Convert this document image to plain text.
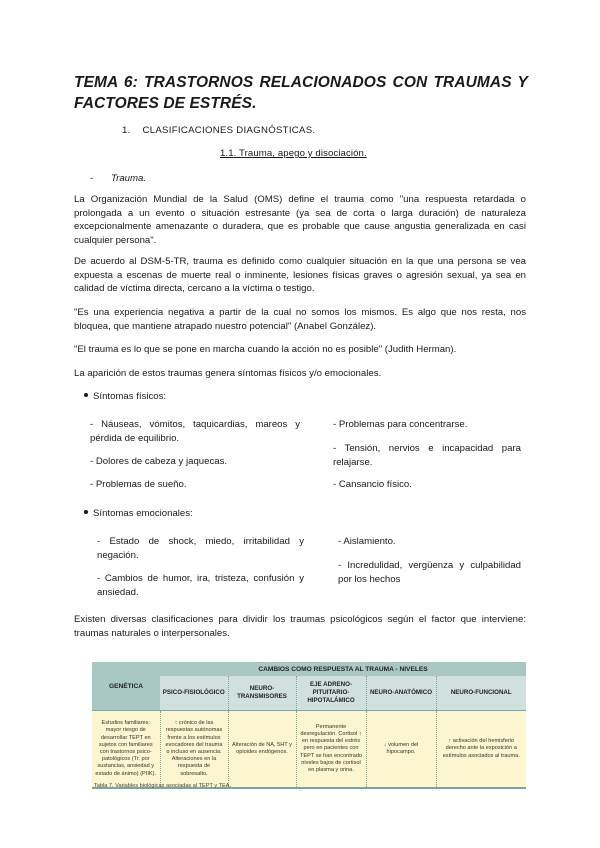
TEMA 6: TRASTORNOS RELACIONADOS CON TRAUMAS Y FACTORES DE ESTRÉS.
1. CLASIFICACIONES DIAGNÓSTICAS.
1.1. Trauma, apego y disociación.
- Trauma.
La Organización Mundial de la Salud (OMS) define el trauma como "una respuesta retardada o prolongada a un evento o situación estresante (ya sea de corta o larga duración) de naturaleza excepcionalmente amenazante o duradera, que es probable que cause angustia generalizada en casi cualquier persona".
De acuerdo al DSM-5-TR, trauma es definido como cualquier situación en la que una persona se vea expuesta a escenas de muerte real o inminente, lesiones físicas graves o agresión sexual, ya sea en calidad de víctima directa, cercano a la víctima o testigo.
"Es una experiencia negativa a partir de la cual no somos los mismos. Es algo que nos resta, nos bloquea, que mantiene atrapado nuestro potencial" (Anabel González).
"El trauma es lo que se pone en marcha cuando la acción no es posible" (Judith Herman).
La aparición de estos traumas genera síntomas físicos y/o emocionales.
Síntomas físicos:
- Náuseas, vómitos, taquicardias, mareos y pérdida de equilibrio.
- Dolores de cabeza y jaquecas.
- Problemas de sueño.
- Problemas para concentrarse.
- Tensión, nervios e incapacidad para relajarse.
- Cansancio físico.
Síntomas emocionales:
- Estado de shock, miedo, irritabilidad y negación.
- Cambios de humor, ira, tristeza, confusión y ansiedad.
- Aislamiento.
- Incredulidad, vergüenza y culpabilidad por los hechos
Existen diversas clasificaciones para dividir los traumas psicológicos según el factor que interviene: traumas naturales o interpersonales.
GENÉTICA	CAMBIOS COMO RESPUESTA AL TRAUMA - NIVELES				
	PSICO-FISIOLÓGICO	NEURO-TRANSMISORES	EJE ADRENO-PITUITARIO-HIPOTALÁMICO	NEURO-ANATÓMICO	NEURO-FUNCIONAL
Estudios familiares: mayor riesgo de desarrollar TEPT en sujetos con familiares con trastornos psico-patológicos (Tr. por sustancias, ansiedad y estado de ánimo) (PIIK).	↑ crónico de las respuestas autónomas frente a los estímulos evocadores del trauma o incluso en ausencia. Alteraciones en la respuesta de sobresalto.	Alteración de NA, 5HT y opioides endógenos.	Permanente desregulación. Cortisol ↑ en respuesta del estrés pero en pacientes con TEPT se han encontrado niveles bajos de cortisol en plasma y orina.	↓ volumen del hipocampo.	↑ activación del hemisferio derecho ante la exposición a estímulos asociados al trauma.
Tabla 7. Variables biológicas asociadas al TEPT y TEA.
